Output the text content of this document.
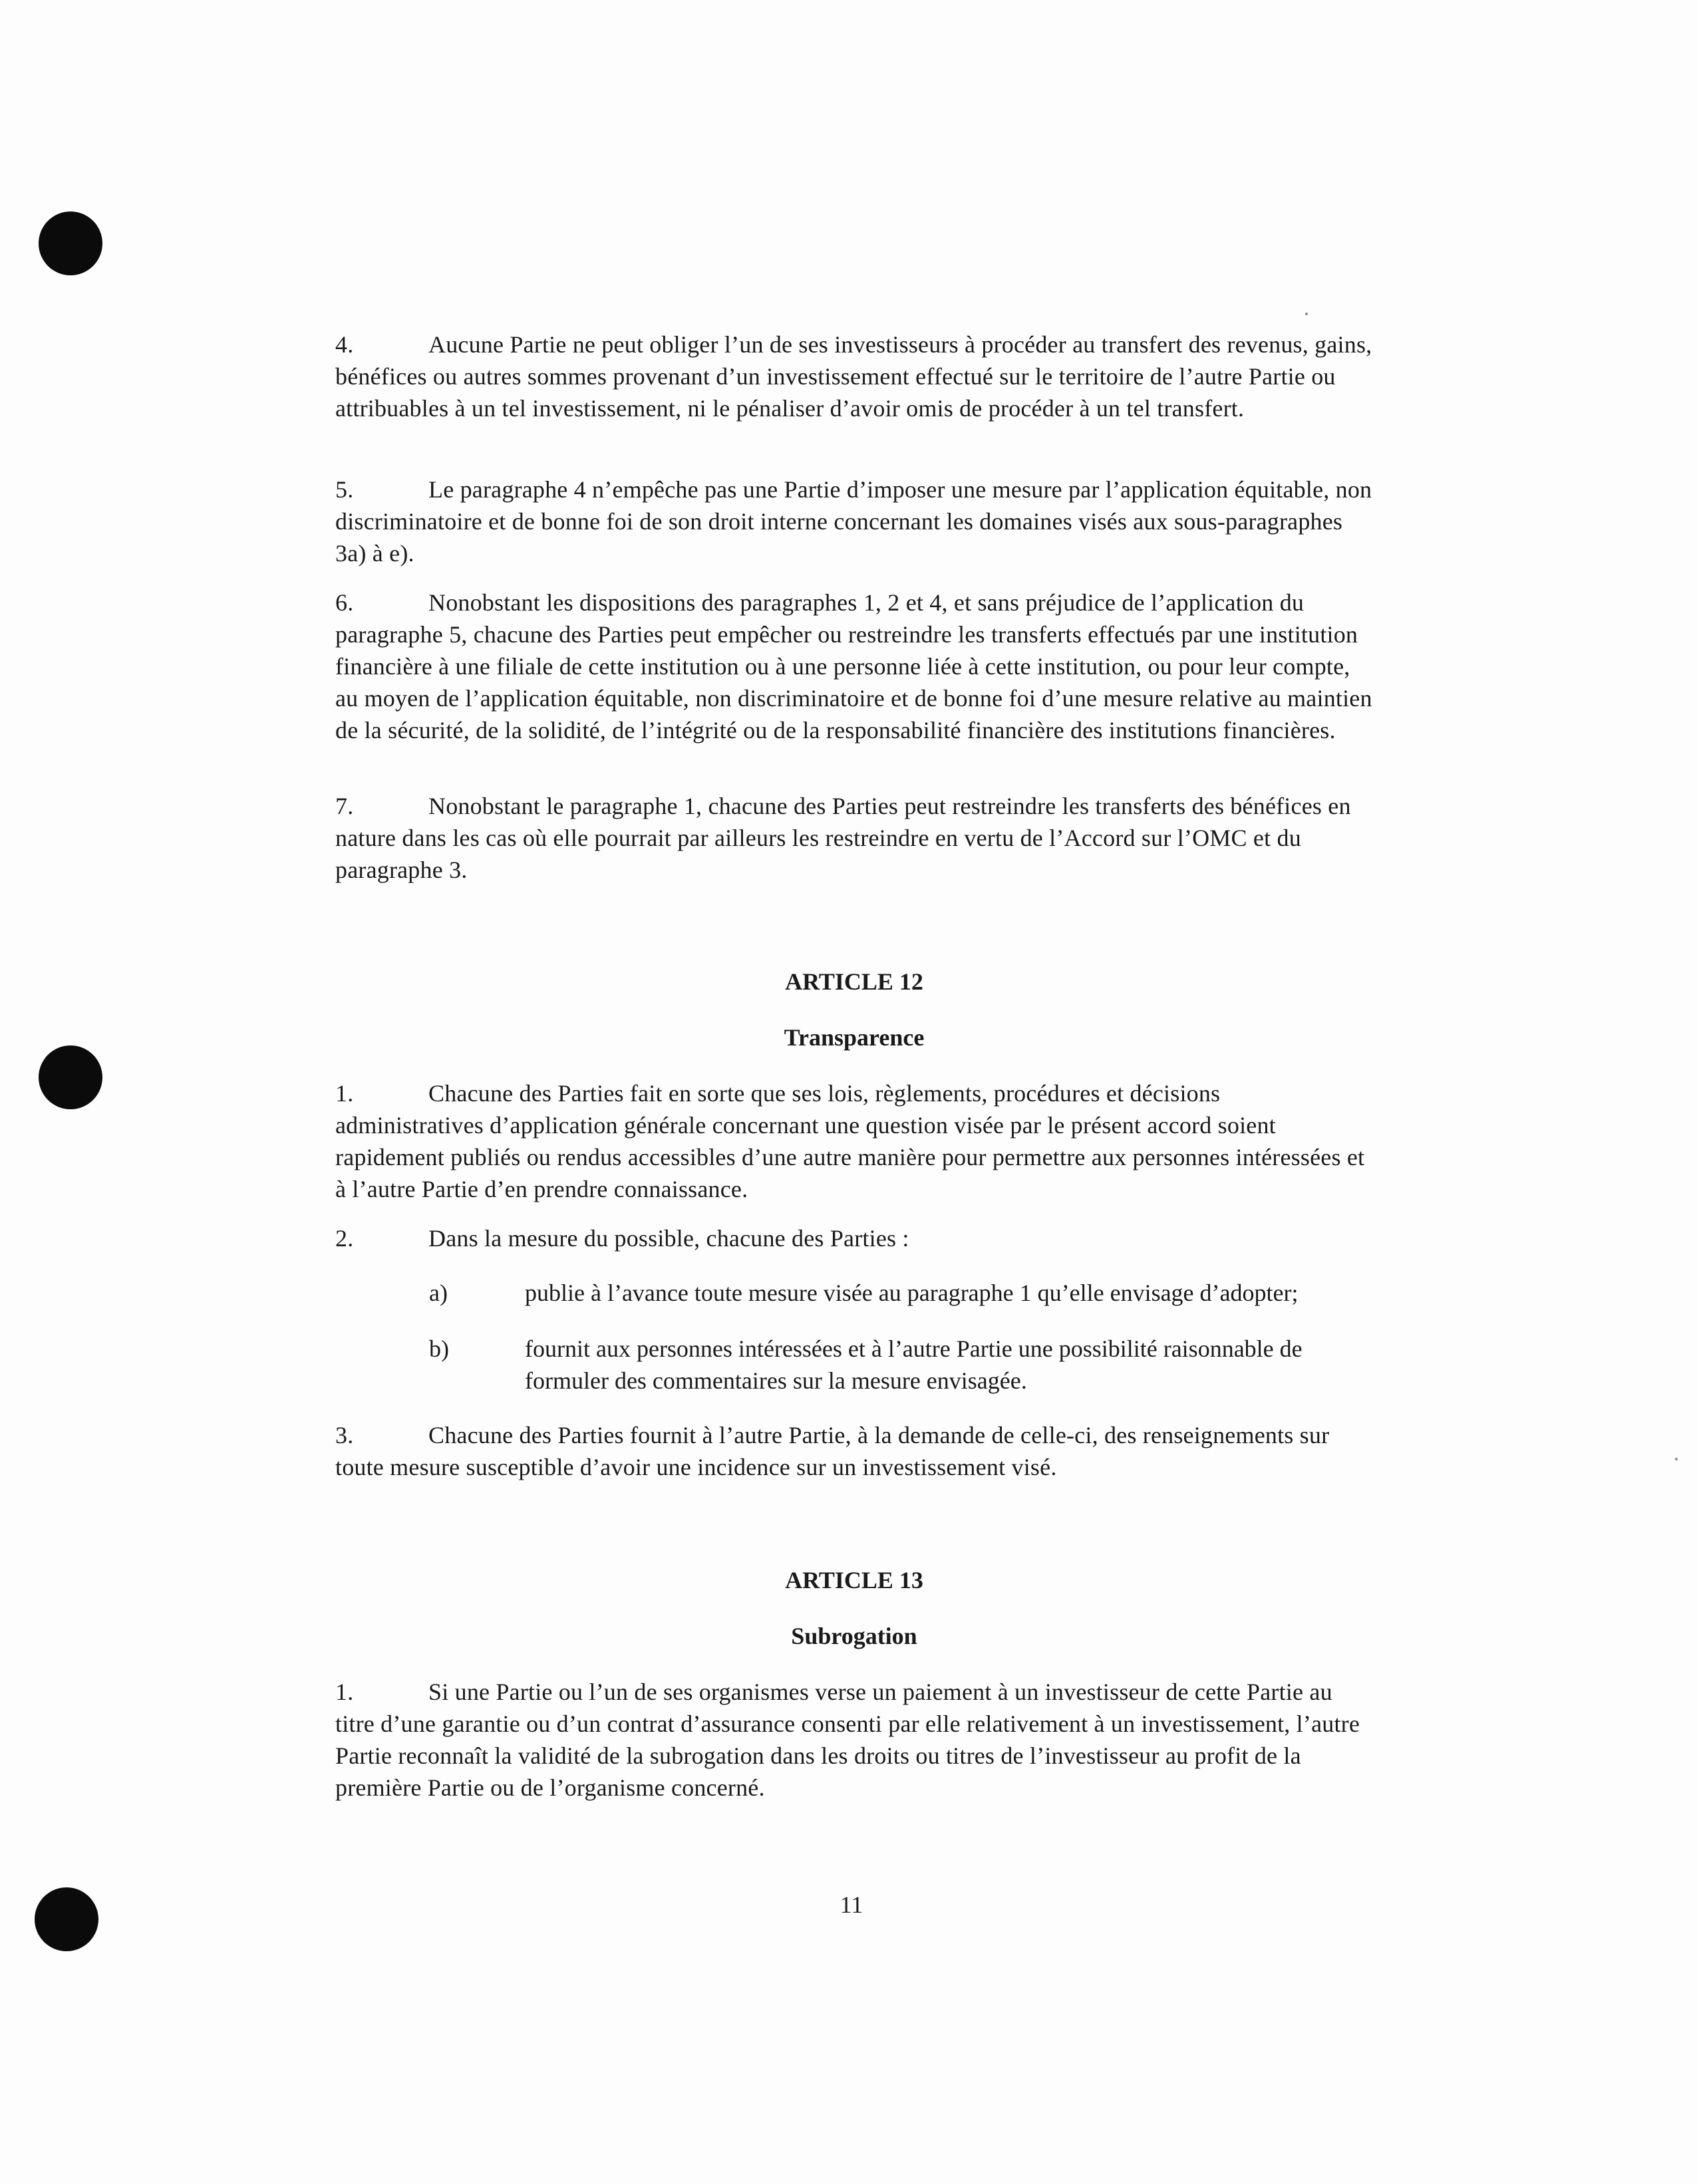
4.	Aucune Partie ne peut obliger l’un de ses investisseurs à procéder au transfert des revenus, gains, bénéfices ou autres sommes provenant d’un investissement effectué sur le territoire de l’autre Partie ou attribuables à un tel investissement, ni le pénaliser d’avoir omis de procéder à un tel transfert.
5.	Le paragraphe 4 n’empêche pas une Partie d’imposer une mesure par l’application équitable, non discriminatoire et de bonne foi de son droit interne concernant les domaines visés aux sous-paragraphes 3a) à e).
6.	Nonobstant les dispositions des paragraphes 1, 2 et 4, et sans préjudice de l’application du paragraphe 5, chacune des Parties peut empêcher ou restreindre les transferts effectués par une institution financière à une filiale de cette institution ou à une personne liée à cette institution, ou pour leur compte, au moyen de l’application équitable, non discriminatoire et de bonne foi d’une mesure relative au maintien de la sécurité, de la solidité, de l’intégrité ou de la responsabilité financière des institutions financières.
7.	Nonobstant le paragraphe 1, chacune des Parties peut restreindre les transferts des bénéfices en nature dans les cas où elle pourrait par ailleurs les restreindre en vertu de l’Accord sur l’OMC et du paragraphe 3.
ARTICLE 12
Transparence
1.	Chacune des Parties fait en sorte que ses lois, règlements, procédures et décisions administratives d’application générale concernant une question visée par le présent accord soient rapidement publiés ou rendus accessibles d’une autre manière pour permettre aux personnes intéressées et à l’autre Partie d’en prendre connaissance.
2.	Dans la mesure du possible, chacune des Parties :
a)	publie à l’avance toute mesure visée au paragraphe 1 qu’elle envisage d’adopter;
b)	fournit aux personnes intéressées et à l’autre Partie une possibilité raisonnable de formuler des commentaires sur la mesure envisagée.
3.	Chacune des Parties fournit à l’autre Partie, à la demande de celle-ci, des renseignements sur toute mesure susceptible d’avoir une incidence sur un investissement visé.
ARTICLE 13
Subrogation
1.	Si une Partie ou l’un de ses organismes verse un paiement à un investisseur de cette Partie au titre d’une garantie ou d’un contrat d’assurance consenti par elle relativement à un investissement, l’autre Partie reconnaît la validité de la subrogation dans les droits ou titres de l’investisseur au profit de la première Partie ou de l’organisme concerné.
11
